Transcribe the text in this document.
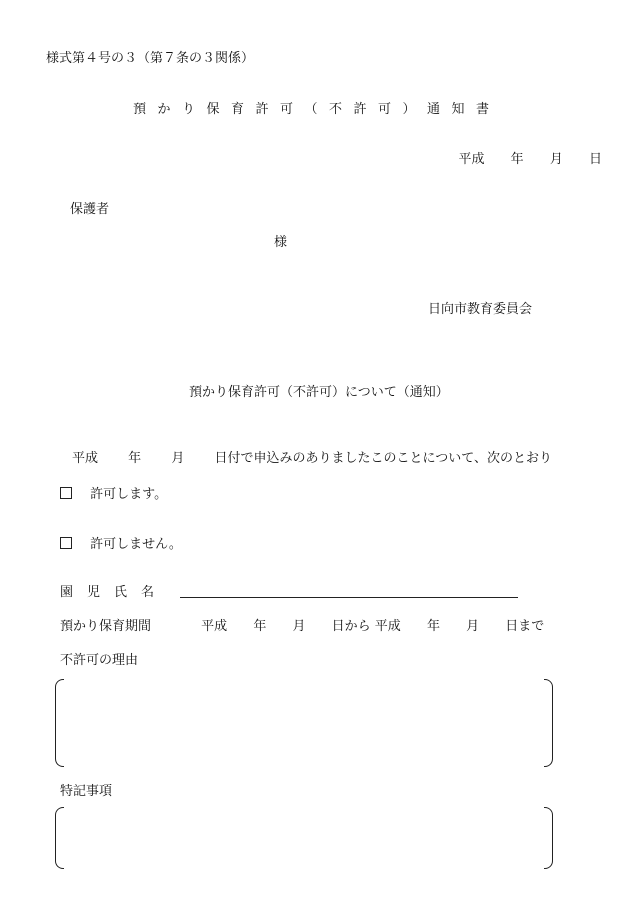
様式第４号の３（第７条の３関係）
預かり保育許可（不許可）通知書
平成 年 月 日
保護者
様
日向市教育委員会
預かり保育許可（不許可）について（通知）
平成 年 月 日付で申込みのありましたこのことについて、次のとおり
許可します。
許可しません。
園児氏名
預かり保育期間	平成 年 月 日から 平成 年 月 日まで
不許可の理由
特記事項
